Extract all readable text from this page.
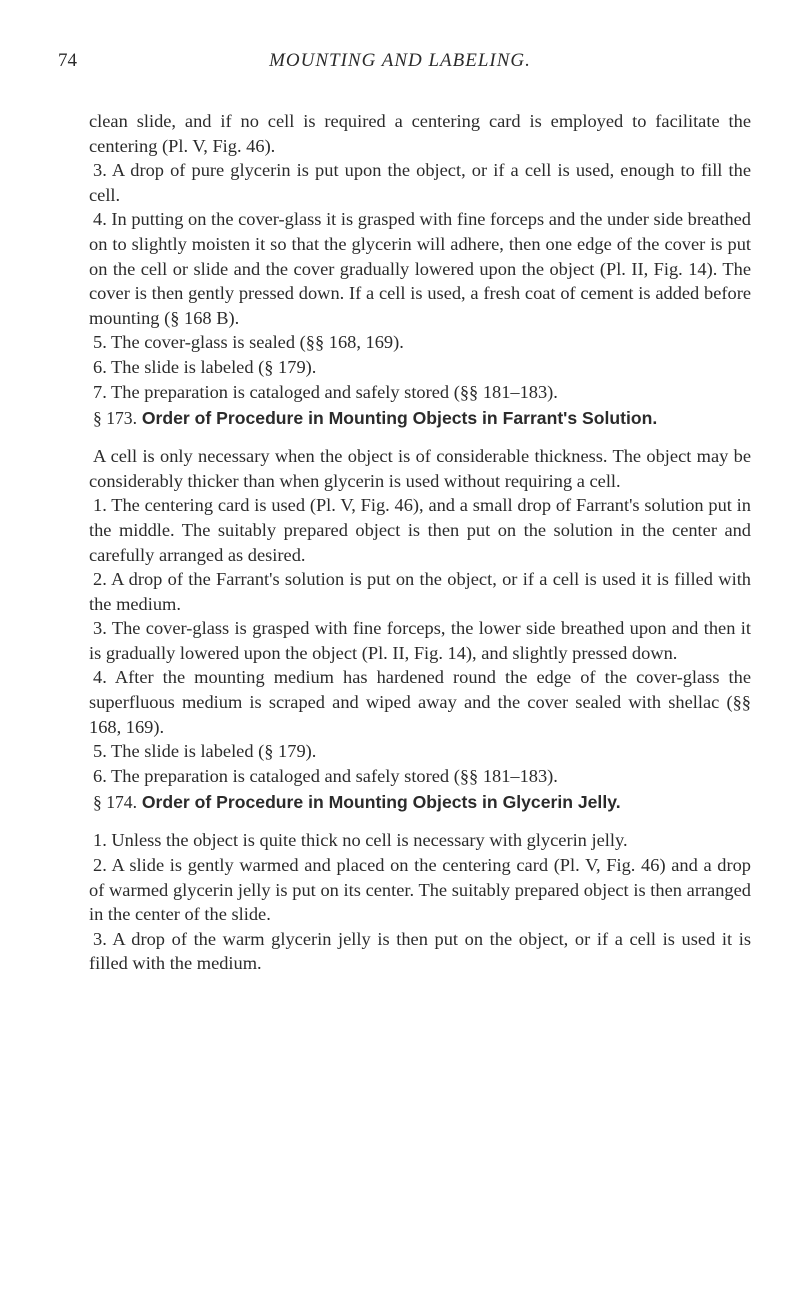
74	MOUNTING AND LABELING.

clean slide, and if no cell is required a centering card is employed to facilitate the centering (Pl. V, Fig. 46).

3. A drop of pure glycerin is put upon the object, or if a cell is used, enough to fill the cell.

4. In putting on the cover-glass it is grasped with fine forceps and the under side breathed on to slightly moisten it so that the glycerin will adhere, then one edge of the cover is put on the cell or slide and the cover gradually lowered upon the object (Pl. II, Fig. 14). The cover is then gently pressed down. If a cell is used, a fresh coat of cement is added before mounting (§ 168 B).

5. The cover-glass is sealed (§§ 168, 169).

6. The slide is labeled (§ 179).

7. The preparation is cataloged and safely stored (§§ 181–183).

§ 173. Order of Procedure in Mounting Objects in Farrant's Solution.

A cell is only necessary when the object is of considerable thickness. The object may be considerably thicker than when glycerin is used without requiring a cell.

1. The centering card is used (Pl. V, Fig. 46), and a small drop of Farrant's solution put in the middle. The suitably prepared object is then put on the solution in the center and carefully arranged as desired.

2. A drop of the Farrant's solution is put on the object, or if a cell is used it is filled with the medium.

3. The cover-glass is grasped with fine forceps, the lower side breathed upon and then it is gradually lowered upon the object (Pl. II, Fig. 14), and slightly pressed down.

4. After the mounting medium has hardened round the edge of the cover-glass the superfluous medium is scraped and wiped away and the cover sealed with shellac (§§ 168, 169).

5. The slide is labeled (§ 179).

6. The preparation is cataloged and safely stored (§§ 181–183).

§ 174. Order of Procedure in Mounting Objects in Glycerin Jelly.

1. Unless the object is quite thick no cell is necessary with glycerin jelly.

2. A slide is gently warmed and placed on the centering card (Pl. V, Fig. 46) and a drop of warmed glycerin jelly is put on its center. The suitably prepared object is then arranged in the center of the slide.

3. A drop of the warm glycerin jelly is then put on the object, or if a cell is used it is filled with the medium.
